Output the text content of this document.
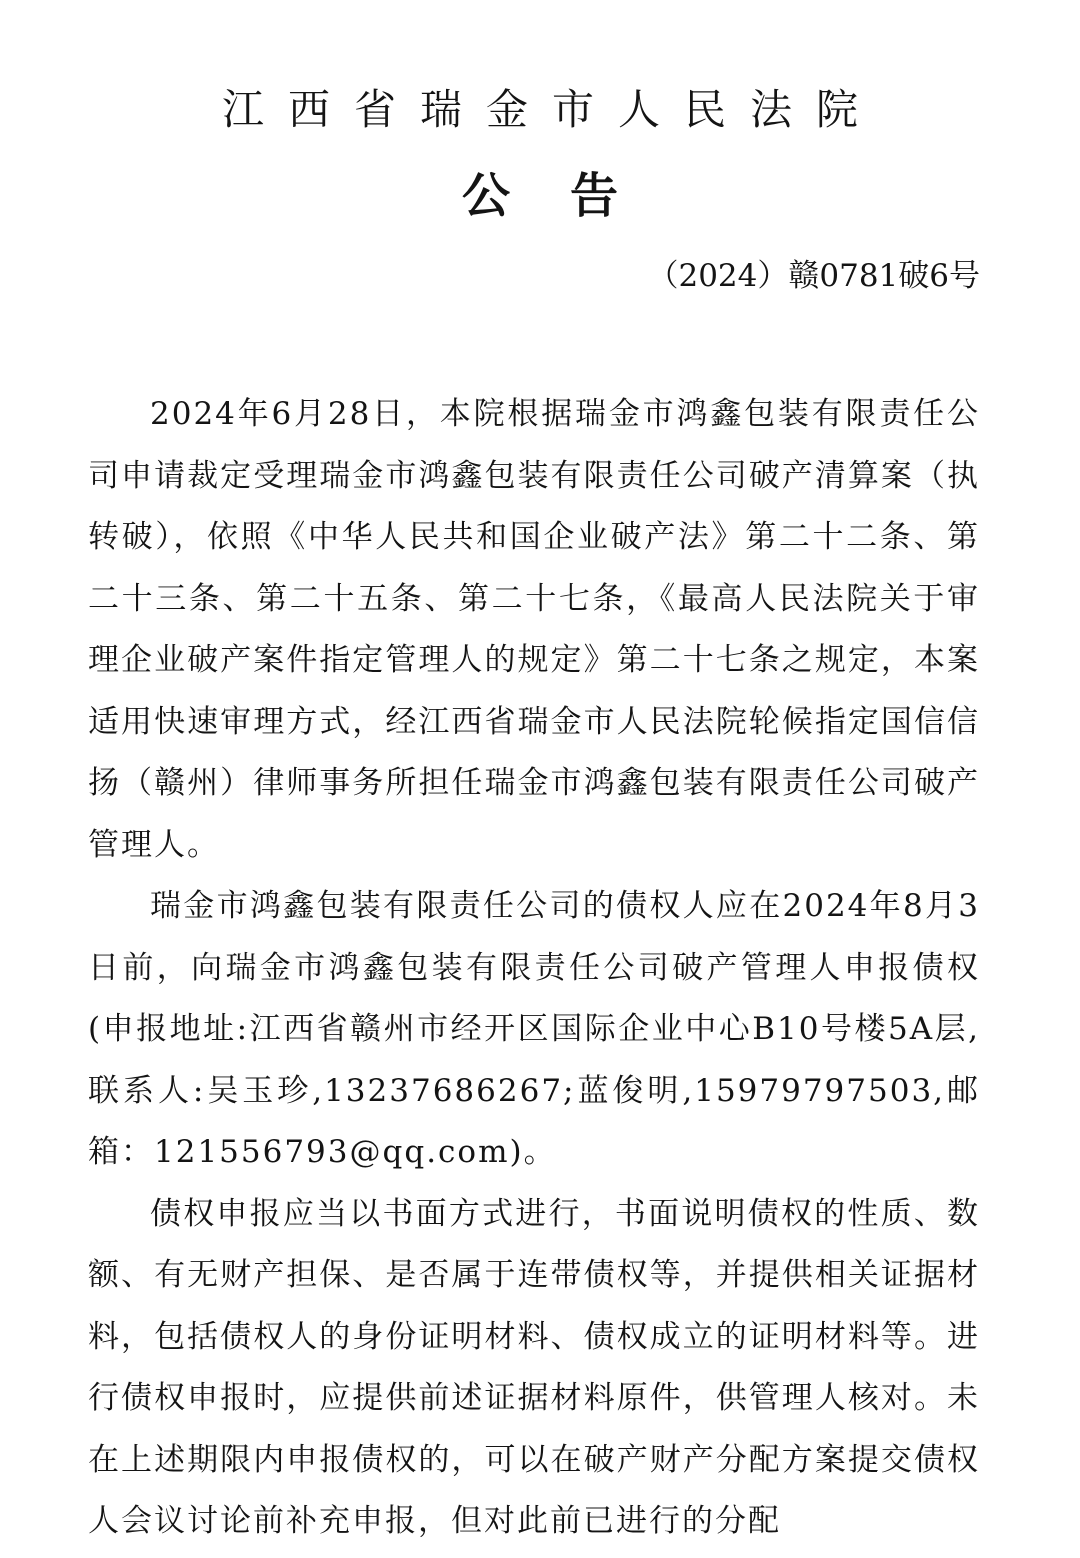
江西省瑞金市人民法院
公告
（2024）赣0781破6号

2024年6月28日，本院根据瑞金市鸿鑫包装有限责任公司申请裁定受理瑞金市鸿鑫包装有限责任公司破产清算案（执转破），依照《中华人民共和国企业破产法》第二十二条、第二十三条、第二十五条、第二十七条，《最高人民法院关于审理企业破产案件指定管理人的规定》第二十七条之规定，本案适用快速审理方式，经江西省瑞金市人民法院轮候指定国信信扬（赣州）律师事务所担任瑞金市鸿鑫包装有限责任公司破产管理人。

瑞金市鸿鑫包装有限责任公司的债权人应在2024年8月3日前，向瑞金市鸿鑫包装有限责任公司破产管理人申报债权(申报地址:江西省赣州市经开区国际企业中心B10号楼5A层,联系人:吴玉珍,13237686267;蓝俊明,15979797503,邮箱：121556793@qq.com)。

债权申报应当以书面方式进行，书面说明债权的性质、数额、有无财产担保、是否属于连带债权等，并提供相关证据材料，包括债权人的身份证明材料、债权成立的证明材料等。进行债权申报时，应提供前述证据材料原件，供管理人核对。未在上述期限内申报债权的，可以在破产财产分配方案提交债权人会议讨论前补充申报，但对此前已进行的分配
